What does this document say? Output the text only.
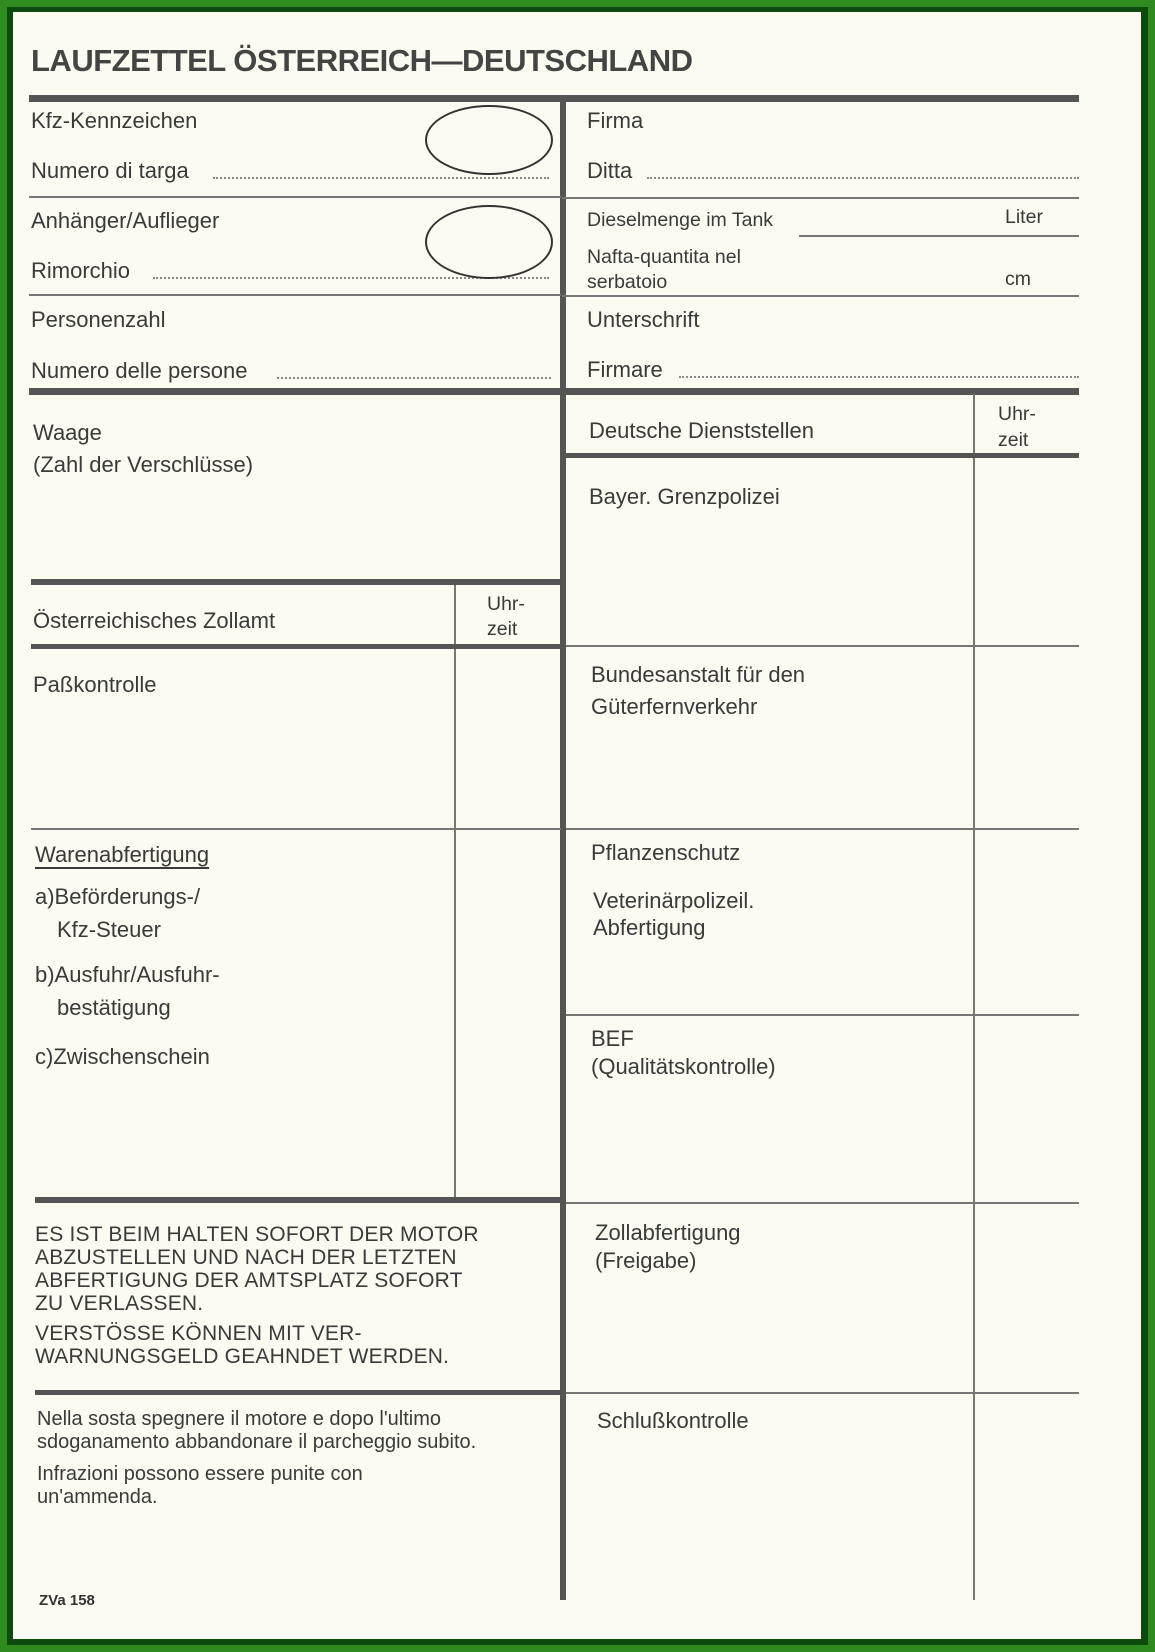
LAUFZETTEL ÖSTERREICH—DEUTSCHLAND
Kfz-Kennzeichen
Numero di targa
Anhänger/Auflieger
Rimorchio
Personenzahl
Numero delle persone
Firma
Ditta
Dieselmenge im Tank	Liter
Nafta-quantita nel
serbatoio	cm
Unterschrift
Firmare
Waage
(Zahl der Verschlüsse)
Österreichisches Zollamt
Uhr-
zeit
Paßkontrolle
Warenabfertigung
a)Beförderungs-/
Kfz-Steuer
b)Ausfuhr/Ausfuhr-
bestätigung
c)Zwischenschein
ES IST BEIM HALTEN SOFORT DER MOTOR
ABZUSTELLEN UND NACH DER LETZTEN
ABFERTIGUNG DER AMTSPLATZ SOFORT
ZU VERLASSEN.
VERSTÖSSE KÖNNEN MIT VER-
WARNUNGSGELD GEAHNDET WERDEN.
Nella sosta spegnere il motore e dopo l'ultimo
sdoganamento abbandonare il parcheggio subito.
Infrazioni possono essere punite con
un'ammenda.
Deutsche Dienststellen
Uhr-
zeit
Bayer. Grenzpolizei
Bundesanstalt für den
Güterfernverkehr
Pflanzenschutz
Veterinärpolizeil.
Abfertigung
BEF
(Qualitätskontrolle)
Zollabfertigung
(Freigabe)
Schlußkontrolle
ZVa 158
